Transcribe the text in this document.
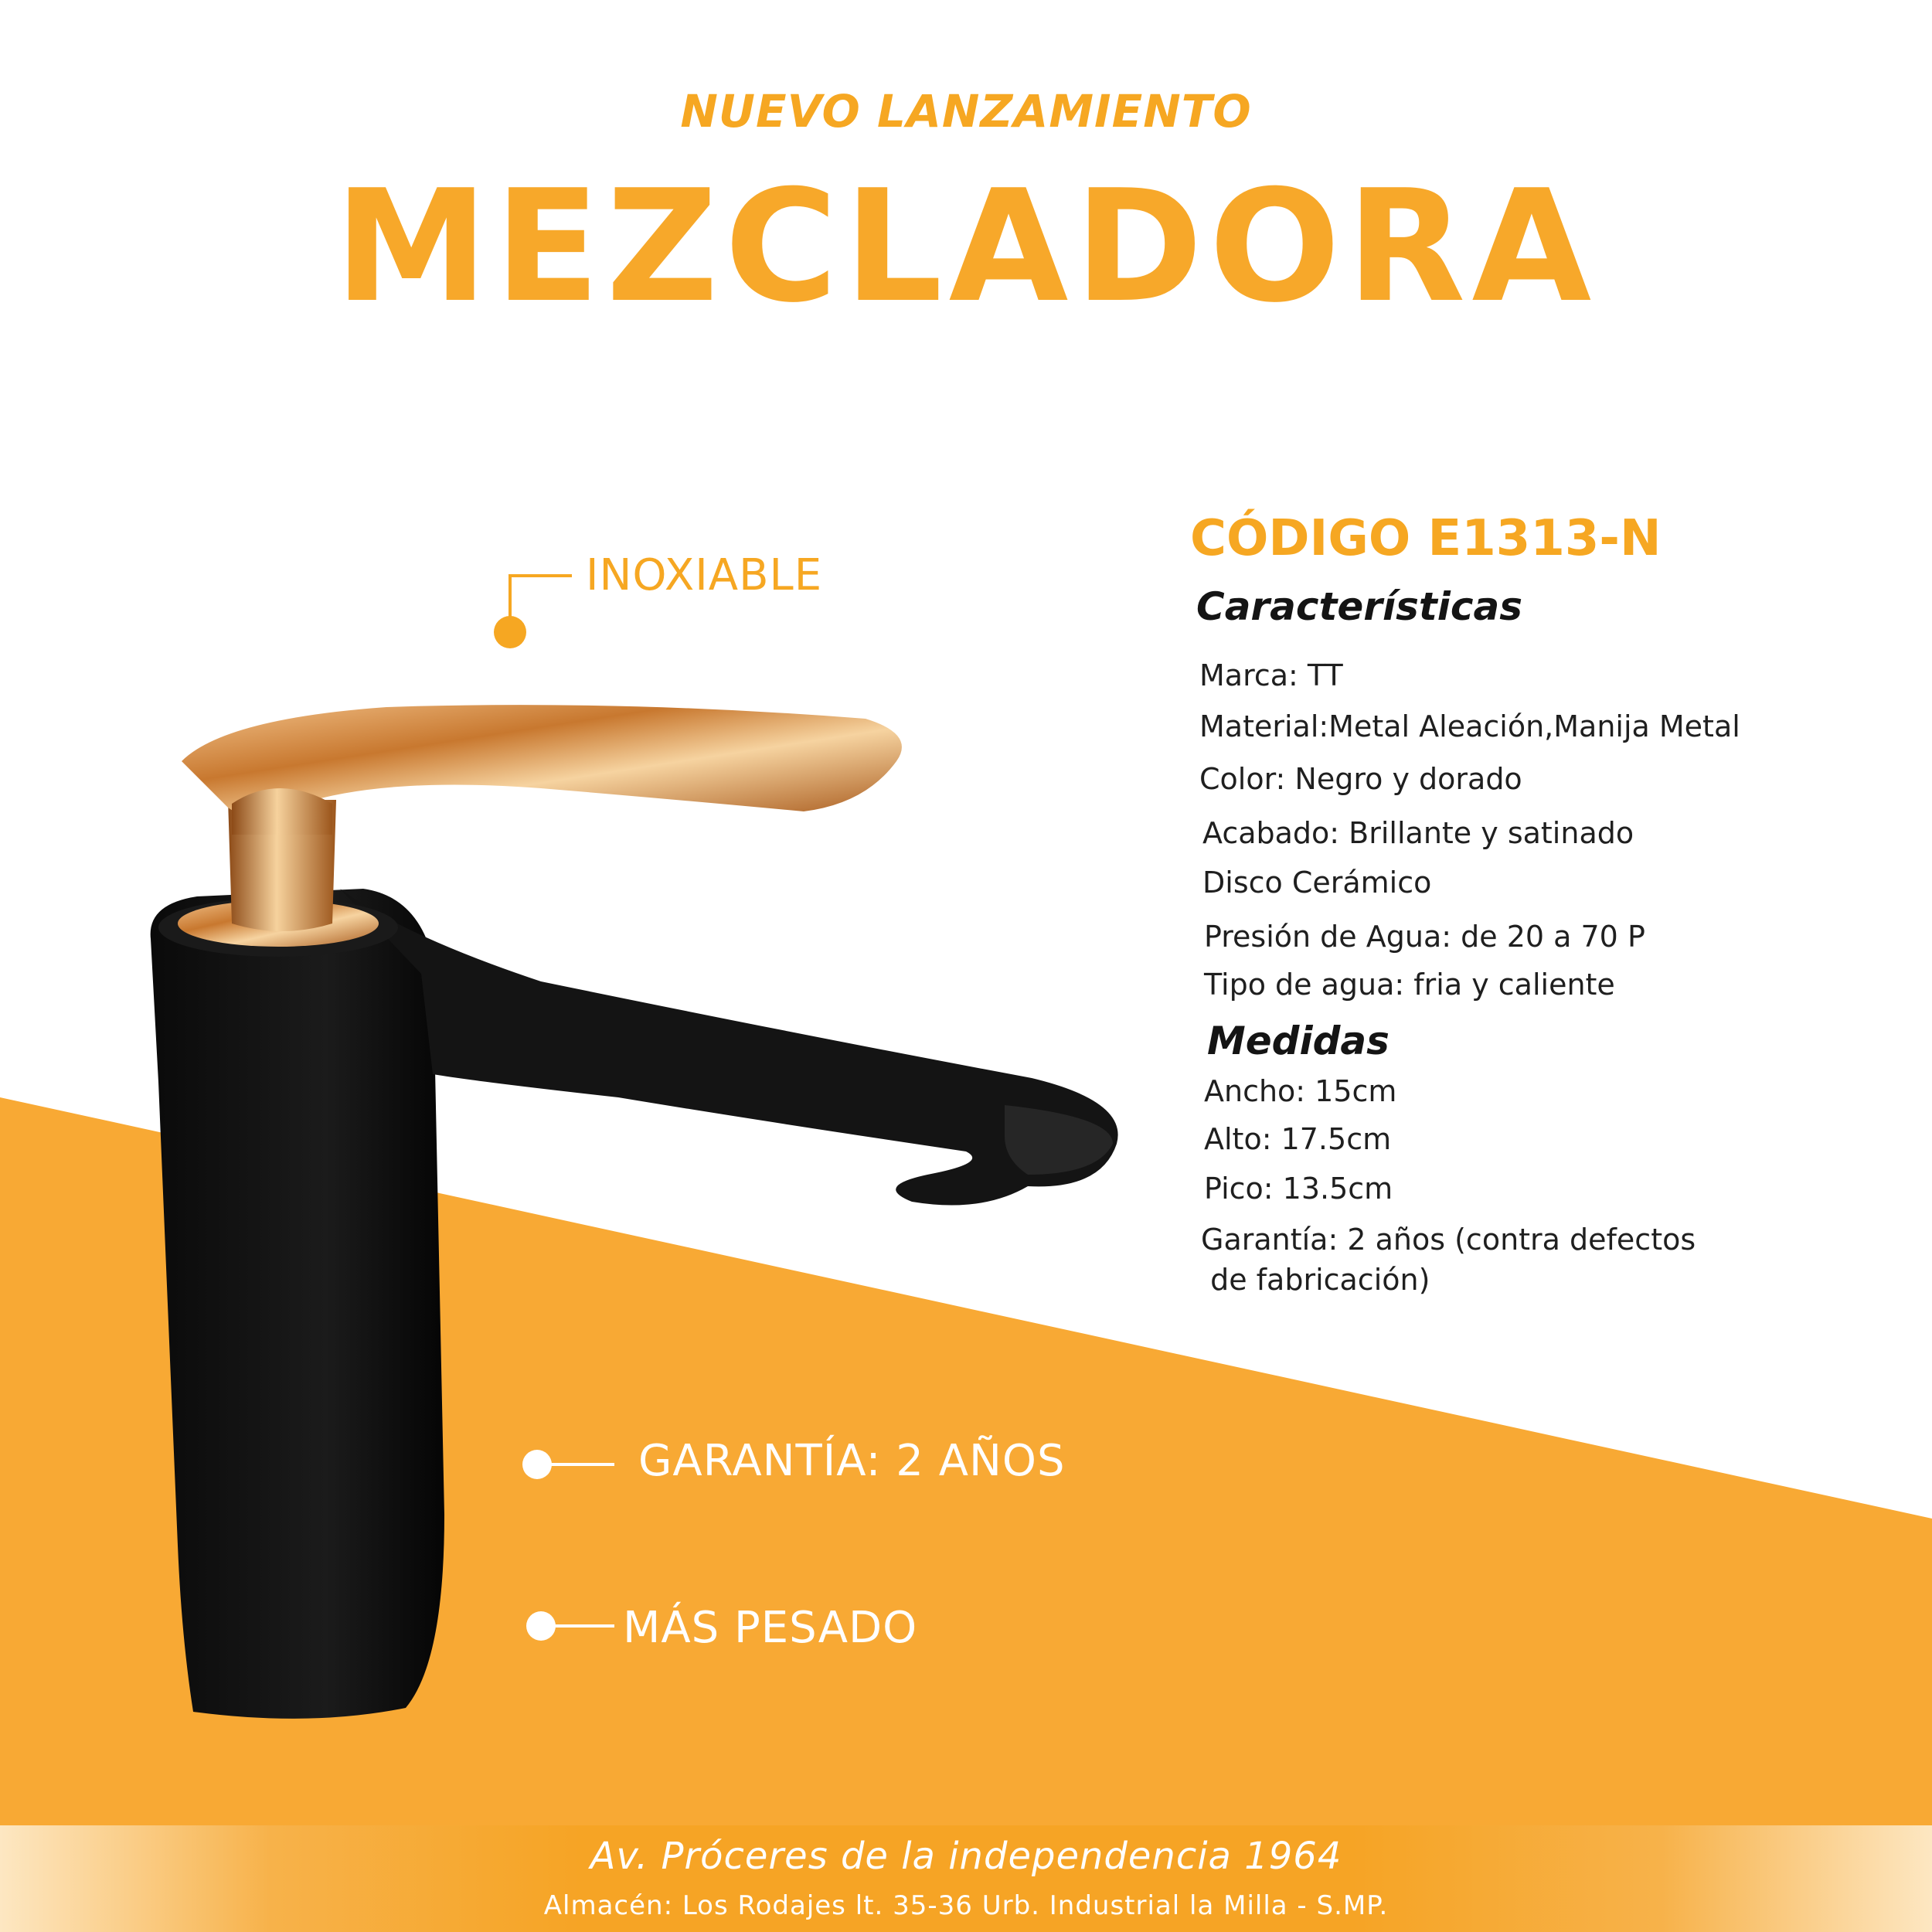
NUEVO LANZAMIENTO
MEZCLADORA
INOXIABLE
GARANTÍA: 2 AÑOS
MÁS PESADO
CÓDIGO E1313-N
Características
Marca: TT
Material:Metal Aleación,Manija Metal
Color: Negro y dorado
Acabado: Brillante y satinado
Disco Cerámico
Presión de Agua: de 20 a 70 P
Tipo de agua: fria y caliente
Medidas
Ancho: 15cm
Alto: 17.5cm
Pico: 13.5cm
Garantía: 2 años (contra defectos
de fabricación)
Av. Próceres de la independencia 1964
Almacén: Los Rodajes lt. 35-36 Urb. Industrial la Milla - S.MP.
